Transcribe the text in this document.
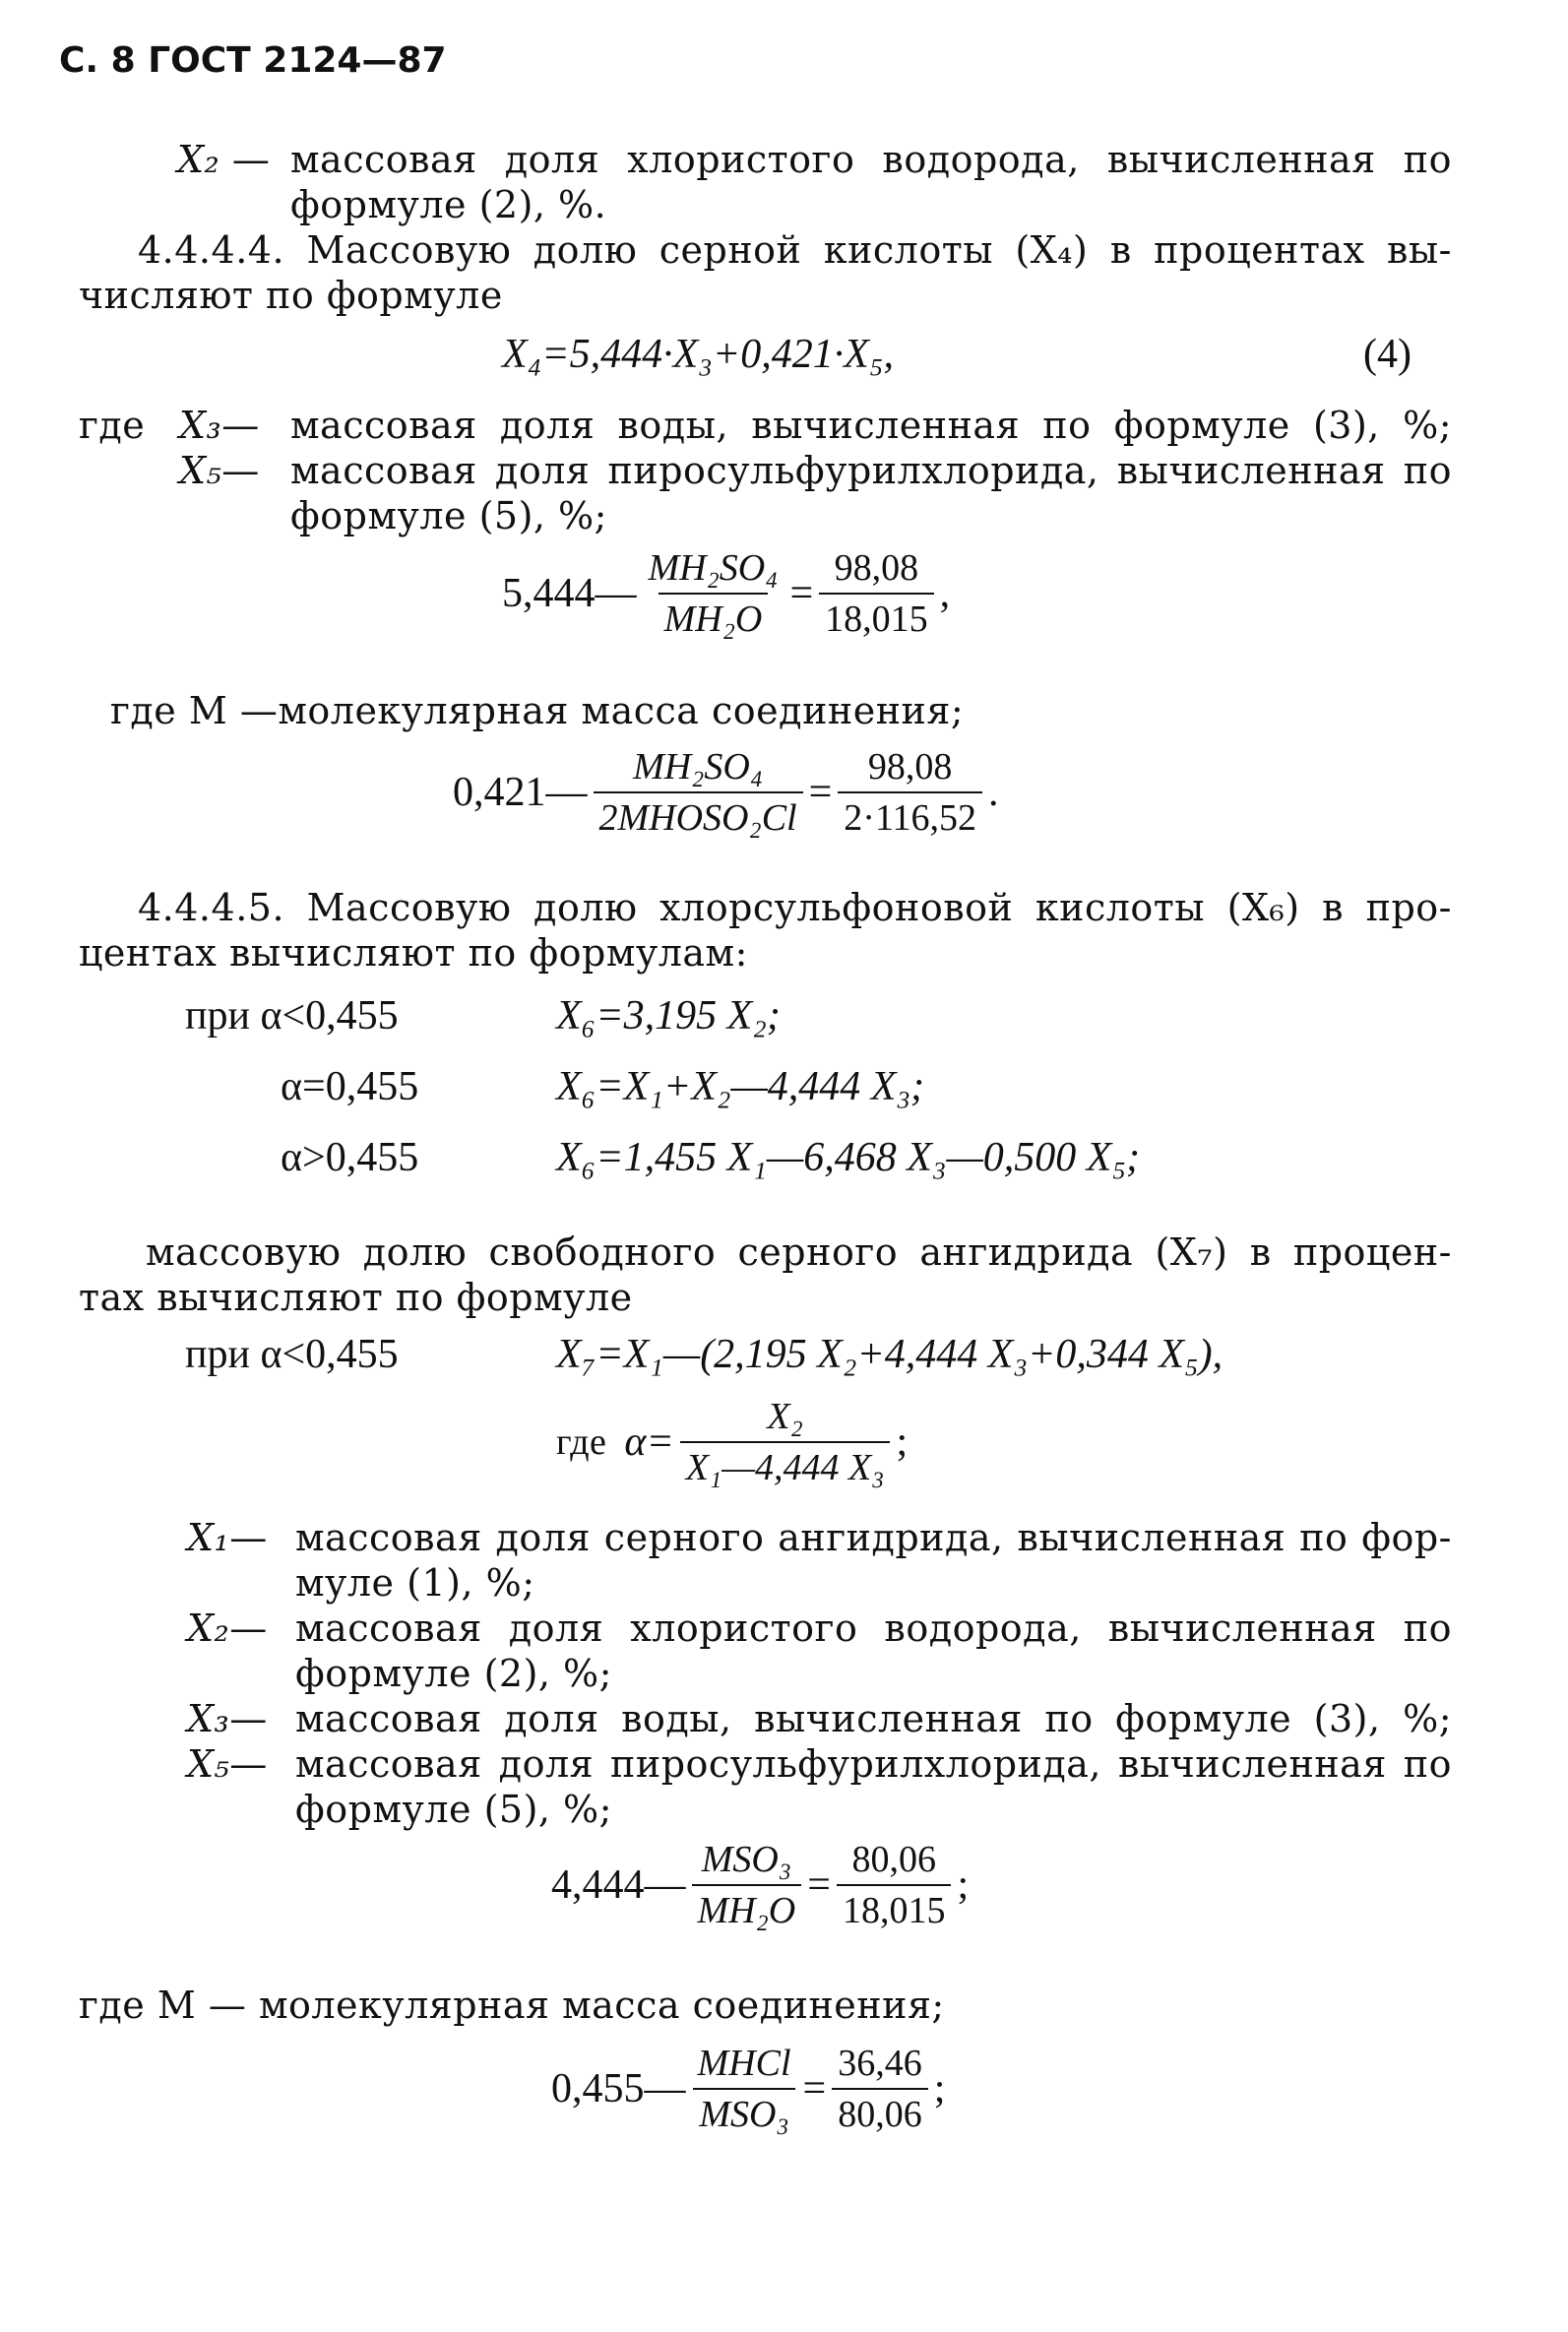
С. 8 ГОСТ 2124—87
X₂ — массовая доля хлористого водорода, вычисленная по
формуле (2), %.
4.4.4.4. Массовую долю серной кислоты (X₄) в процентах вы-
числяют по формуле
X₄=5,444·X₃+0,421·X₅,	(4)
где X₃— массовая доля воды, вычисленная по формуле (3), %;
X₅— массовая доля пиросульфурилхлорида, вычисленная по
формуле (5), %;
5,444— $\frac{\text{MH₂SO₄}}{\text{MH₂O}} = \frac{98,08}{18,015}$ ,
где M —молекулярная масса соединения;
0,421— $\frac{\text{MH₂SO₄}}{\text{2MHOSO₂Cl}} = \frac{98,08}{2\cdot 116,52}$ .
4.4.4.5. Массовую долю хлорсульфоновой кислоты (X₆) в про-
центах вычисляют по формулам:
при α<0,455	X₆=3,195 X₂;
α=0,455	X₆=X₁+X₂—4,444 X₃;
α>0,455	X₆=1,455 X₁—6,468 X₃—0,500 X₅;
массовую долю свободного серного ангидрида (X₇) в процен-
тах вычисляют по формуле
при α<0,455	X₇=X₁—(2,195 X₂+4,444 X₃+0,344 X₅),
где $\alpha= \frac{\text{X₂}}{\text{X₁—4,444 X₃}}$ ;
X₁— массовая доля серного ангидрида, вычисленная по фор-
муле (1), %;
X₂— массовая доля хлористого водорода, вычисленная по
формуле (2), %;
X₃— массовая доля воды, вычисленная по формуле (3), %;
X₅— массовая доля пиросульфурилхлорида, вычисленная по
формуле (5), %;
4,444— $\frac{\text{MSO₃}}{\text{MH₂O}} = \frac{80,06}{18,015}$ ;
где M — молекулярная масса соединения;
0,455— $\frac{\text{MHCl}}{\text{MSO₃}} = \frac{36,46}{80,06}$ ;
